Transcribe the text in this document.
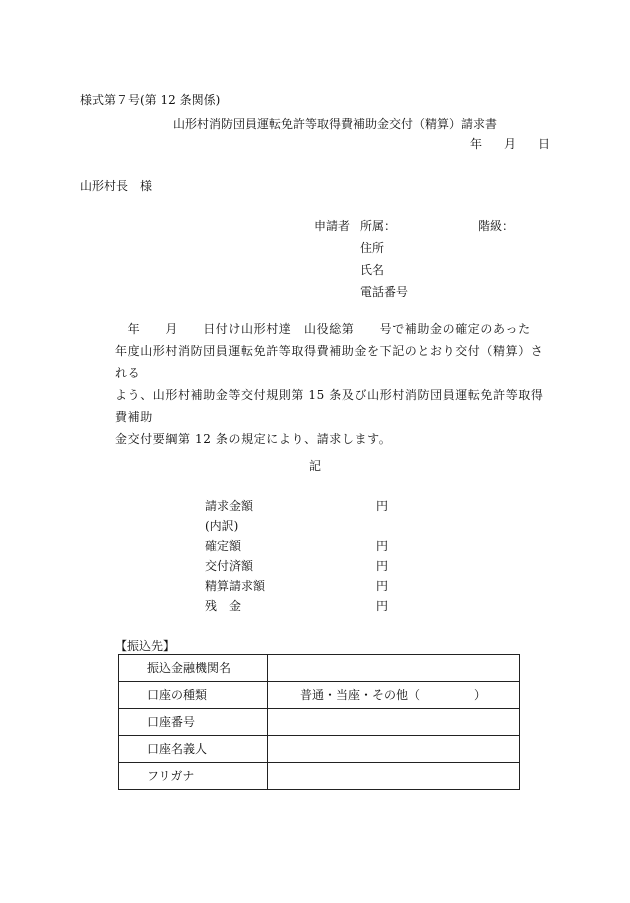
様式第７号(第 12 条関係)
山形村消防団員運転免許等取得費補助金交付（精算）請求書
年 月 日
山形村長　様
申請者 所属：	階級：
住所
氏名
電話番号

　年　　月　　日付け山形村達　山役総第　　号で補助金の確定のあった

年度山形村消防団員運転免許等取得費補助金を下記のとおり交付（精算）される

よう、山形村補助金等交付規則第 15 条及び山形村消防団員運転免許等取得費補助

金交付要綱第 12 条の規定により、請求します。

記
請求金額	円
(内訳)
確定額	円
交付済額	円
精算請求額	円
残　金	円
【振込先】
振込金融機関名	
口座の種類	普通・当座・その他（ ）
口座番号	
口座名義人	
フリガナ	
